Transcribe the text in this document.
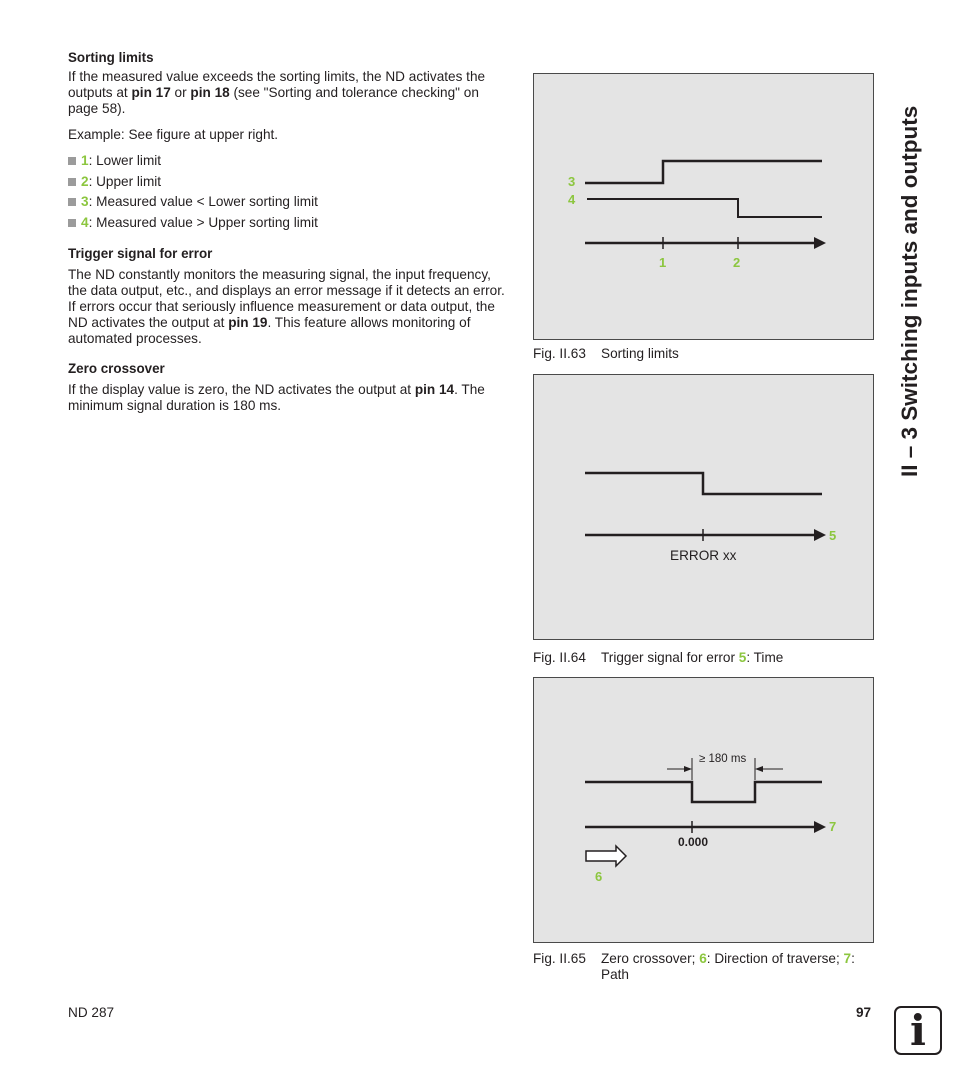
Sorting limits
If the measured value exceeds the sorting limits, the ND activates the outputs at pin 17 or pin 18 (see "Sorting and tolerance checking" on page 58).
Example: See figure at upper right.
1 : Lower limit
2 : Upper limit
3 : Measured value < Lower sorting limit
4 : Measured value > Upper sorting limit
Trigger signal for error
The ND constantly monitors the measuring signal, the input frequency, the data output, etc., and displays an error message if it detects an error. If errors occur that seriously influence measurement or data output, the ND activates the output at pin 19. This feature allows monitoring of automated processes.
Zero crossover
If the display value is zero, the ND activates the output at pin 14. The minimum signal duration is 180 ms.
3
4
1	2
Fig. II.63 Sorting limits
ERROR xx
5
Fig. II.64 Trigger signal for error 5: Time
≥ 180 ms
0.000
7
6
Fig. II.65	Zero crossover; 6: Direction of traverse; 7:
Path
II – 3 Switching inputs and outputs
ND 287	97 i
